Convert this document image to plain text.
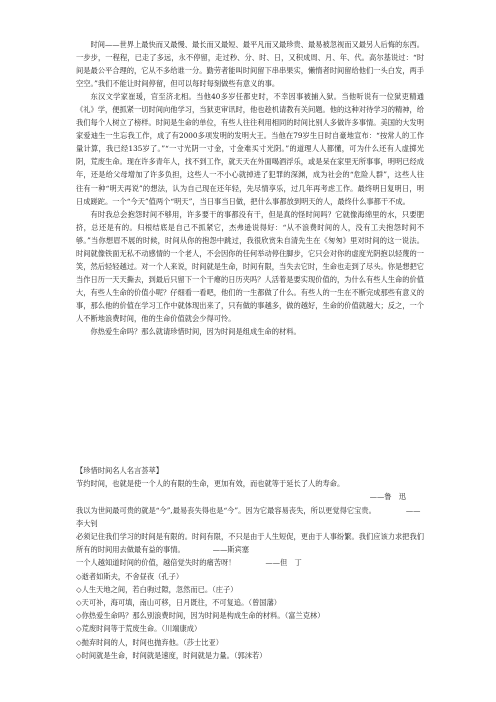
时间——世界上最快而又最慢、最长而又最短、最平凡而又最珍贵、最易被忽视而又最另人后悔的东西。一步步，一程程，已走了多远，永不停留，走过秒、分、时、日，又积成周、月、年、代。高尔基说过：“时间是最公平合理的，它从不多给谁一分。勤劳者能叫时间留下串串果实，懒惰者时间留给他们一头白发，两手空空。”我们不能让时间停留，但可以每时每刻做些有意义的事。

东汉文学家崔瑗，官至济北相。当他40多岁任都史时，不幸因事被捕入狱。当他听说有一位狱吏精通《礼》学，便抓紧一切时间向他学习，当狱吏审讯时，他也趁机请教有关问题。他的这种对待学习的精神，给我们每个人树立了榜样。时间是生命的单位，有些人往往利用相同的时间比别人多做许多事情。美国的大发明家爱迪生一生忘我工作，成了有2000多项发明的发明大王。当他在79岁生日时自豪地宣布：“按常人的工作量计算，我已经135岁了。”“一寸光阴一寸金，寸金难买寸光阴。”的道理人人都懂，可为什么还有人虚掷光阴，荒废生命。现在许多青年人，找不到工作，就天天在外面喝酒浮乐，或是呆在家里无所事事，明明已经成年，还是给父母增加了许多负担，这些人一不小心就掉进了犯罪的深渊，成为社会的“危险人群”，这些人往往有一种“明天再说”的想法，认为自己现在还年轻，先尽情享乐，过几年再考虑工作。最终明日复明日，明日成蹉跎。一个“今天”值两个“明天”，当日事当日做，把什么事都放到明天的人，最终什么事都干不成。

有时我总会抱怨时间不够用，许多要干的事都没有干，但是真的怪时间吗？它就像海绵里的水，只要肥挤，总还是有的。归根结底是自己不抓紧它，杰弗逊说得好：“从不浪费时间的人，没有工夫抱怨时间不够。”当你想眉不展的时候，时间从你的抱怨中跳过，我很欣赏朱自清先生在《匆匆》里对时间的这一说法。时间就像铁面无私不动感情的一个老人，不会因你的任何举动停住脚步，它只会对你的虚度光阴抱以轻蔑的一笑，然后轻轻越过。对一个人来说，时间就是生命，时间有限，当失去它时，生命也走到了尽头。你是想把它当作日历一天天撕去，到最后只留下一个干瘪的日历夹吗？人活着是要实现价值的，为什么有些人生命的价值大，有些人生命的价值小呢？仔细看一看吧，他们的一生都做了什么。有些人的一生在不断完成那些有意义的事，那么他的价值在学习工作中就体现出来了，只有做的事越多，做的越好，生命的价值就越大；反之，一个人不断地浪费时间，他的生命价值就会少得可怜。

你热爱生命吗？那么就请珍惜时间，因为时间是组成生命的材料。

【珍惜时间名人名言荟萃】

节约时间，也就是使一个人的有限的生命，更加有效，而也就等于延长了人的寿命。

——鲁　迅

我以为世间最可贵的就是“今”,最易丧失得也是“今”。因为它最容易丧失，所以更觉得它宝贵。	——李大钊

必须记住我们学习的时间是有限的。时间有限，不只是由于人生短促，更由于人事纷繁。我们应该力求把我们所有的时间用去做最有益的事情。	——斯宾塞

一个人越知道时间的价值，越倍觉失时的痛苦呀！	——但　丁

◇逝者如斯夫，不舍昼夜（孔子）

◇人生天地之间，若白驹过隙，忽然而已。（庄子）

◇天可补，海可填，南山可移，日月既往，不可复追。（曾国藩）

◇你热爱生命吗？那么别浪费时间，因为时间是构成生命的材料。（富兰克林）

◇荒废时间等于荒废生命。（川端康成）

◇抛弃时间的人，时间也抛弃他。（莎士比亚）

◇时间就是生命，时间就是速度，时间就是力量。（郭沫若）
